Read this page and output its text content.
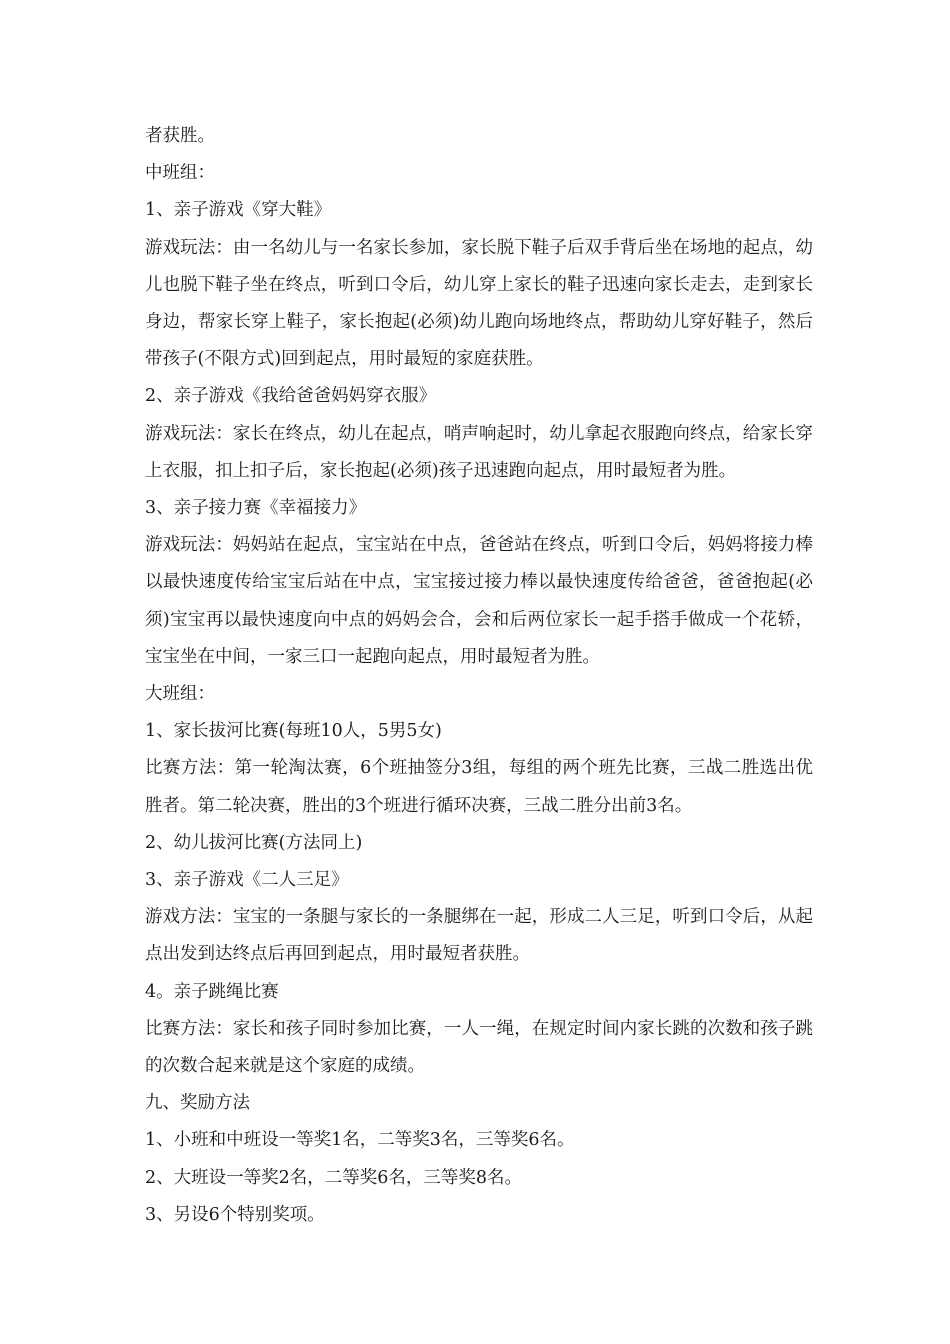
者获胜。

中班组：

1、亲子游戏《穿大鞋》

游戏玩法：由一名幼儿与一名家长参加，家长脱下鞋子后双手背后坐在场地的起点，幼儿也脱下鞋子坐在终点，听到口令后，幼儿穿上家长的鞋子迅速向家长走去，走到家长身边，帮家长穿上鞋子，家长抱起(必须)幼儿跑向场地终点，帮助幼儿穿好鞋子，然后带孩子(不限方式)回到起点，用时最短的家庭获胜。

2、亲子游戏《我给爸爸妈妈穿衣服》

游戏玩法：家长在终点，幼儿在起点，哨声响起时，幼儿拿起衣服跑向终点，给家长穿上衣服，扣上扣子后，家长抱起(必须)孩子迅速跑向起点，用时最短者为胜。

3、亲子接力赛《幸福接力》

游戏玩法：妈妈站在起点，宝宝站在中点，爸爸站在终点，听到口令后，妈妈将接力棒以最快速度传给宝宝后站在中点，宝宝接过接力棒以最快速度传给爸爸，爸爸抱起(必须)宝宝再以最快速度向中点的妈妈会合，会和后两位家长一起手搭手做成一个花轿，宝宝坐在中间，一家三口一起跑向起点，用时最短者为胜。

大班组：

1、家长拔河比赛(每班10人，5男5女)

比赛方法：第一轮淘汰赛，6个班抽签分3组，每组的两个班先比赛，三战二胜选出优胜者。第二轮决赛，胜出的3个班进行循环决赛，三战二胜分出前3名。

2、幼儿拔河比赛(方法同上)

3、亲子游戏《二人三足》

游戏方法：宝宝的一条腿与家长的一条腿绑在一起，形成二人三足，听到口令后，从起点出发到达终点后再回到起点，用时最短者获胜。

4。亲子跳绳比赛

比赛方法：家长和孩子同时参加比赛，一人一绳，在规定时间内家长跳的次数和孩子跳的次数合起来就是这个家庭的成绩。

九、奖励方法

1、小班和中班设一等奖1名，二等奖3名，三等奖6名。

2、大班设一等奖2名，二等奖6名，三等奖8名。

3、另设6个特别奖项。
